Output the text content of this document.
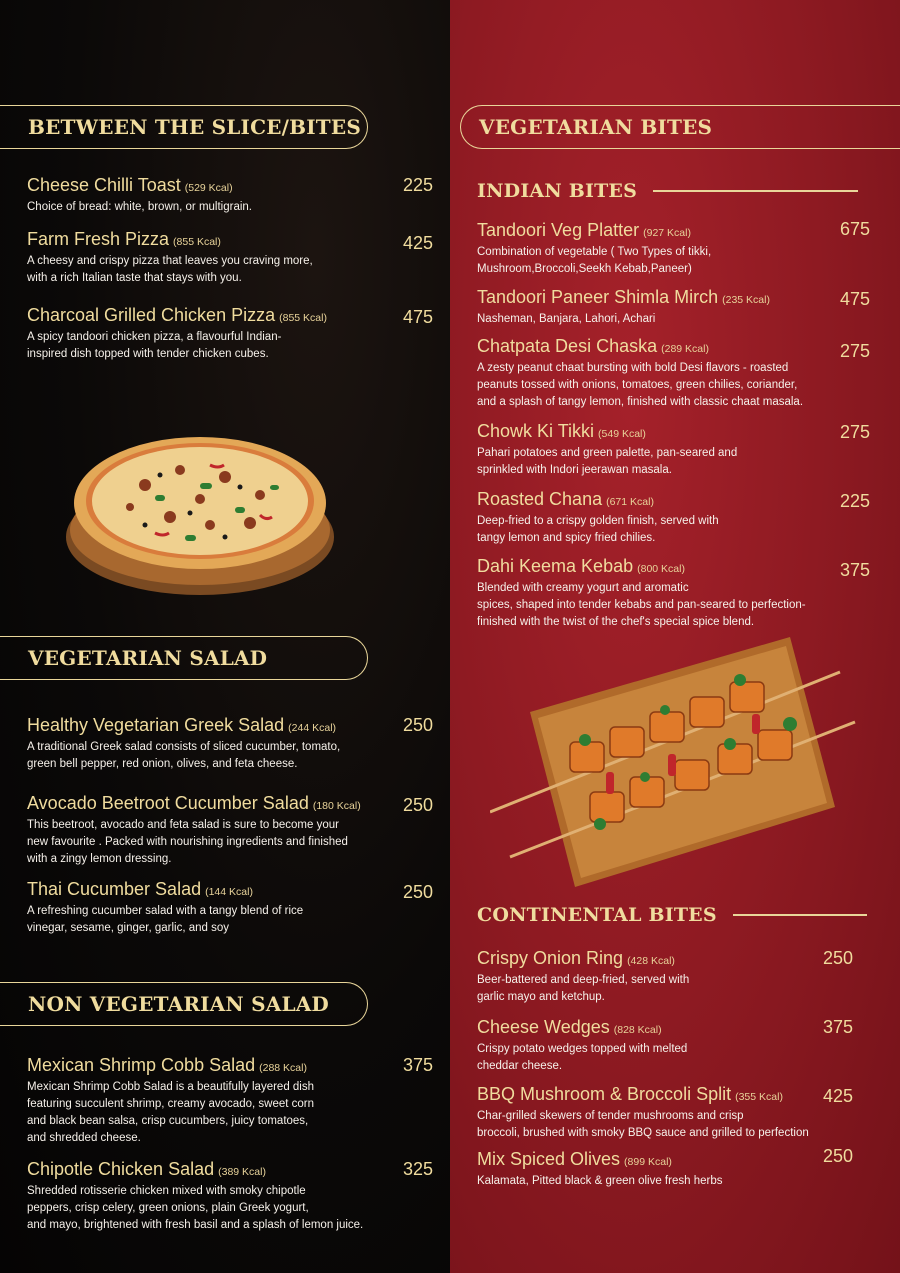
BETWEEN THE SLICE/BITES
VEGETARIAN SALAD
NON VEGETARIAN SALAD
Cheese Chilli Toast (529 Kcal)
Choice of bread: white, brown, or multigrain.
225
Farm Fresh Pizza (855 Kcal)
A cheesy and crispy pizza that leaves you craving more,
with a rich Italian taste that stays with you.
425
Charcoal Grilled Chicken Pizza (855 Kcal)
A spicy tandoori chicken pizza, a flavourful Indian-
inspired dish topped with tender chicken cubes.
475
Healthy Vegetarian Greek Salad (244 Kcal)
A traditional Greek salad consists of sliced cucumber, tomato,
green bell pepper, red onion, olives, and feta cheese.
250
Avocado Beetroot Cucumber Salad (180 Kcal)
This beetroot, avocado and feta salad is sure to become your
new favourite . Packed with nourishing ingredients and finished
with a zingy lemon dressing.
250
Thai Cucumber Salad (144 Kcal)
A refreshing cucumber salad with a tangy blend of rice
vinegar, sesame, ginger, garlic, and soy
250
Mexican Shrimp Cobb Salad (288 Kcal)
Mexican Shrimp Cobb Salad is a beautifully layered dish
featuring succulent shrimp, creamy avocado, sweet corn
and black bean salsa, crisp cucumbers, juicy tomatoes,
and shredded cheese.
375
Chipotle Chicken Salad (389 Kcal)
Shredded rotisserie chicken mixed with smoky chipotle
peppers, crisp celery, green onions, plain Greek yogurt,
and mayo, brightened with fresh basil and a splash of lemon juice.
325
VEGETARIAN BITES
INDIAN BITES
Tandoori Veg Platter (927 Kcal)
Combination of vegetable ( Two Types of tikki,
Mushroom,Broccoli,Seekh Kebab,Paneer)
675
Tandoori Paneer Shimla Mirch (235 Kcal)
Nasheman, Banjara, Lahori, Achari
475
Chatpata Desi Chaska (289 Kcal)
A zesty peanut chaat bursting with bold Desi flavors - roasted
peanuts tossed with onions, tomatoes, green chilies, coriander,
and a splash of tangy lemon, finished with classic chaat masala.
275
Chowk Ki Tikki (549 Kcal)
Pahari potatoes and green palette, pan-seared and
sprinkled with Indori jeerawan masala.
275
Roasted Chana (671 Kcal)
Deep-fried to a crispy golden finish, served with
tangy lemon and spicy fried chilies.
225
Dahi Keema Kebab (800 Kcal)
Blended with creamy yogurt and aromatic
spices, shaped into tender kebabs and pan-seared to perfection-
finished with the twist of the chef's special spice blend.
375
CONTINENTAL BITES
Crispy Onion Ring (428 Kcal)
Beer-battered and deep-fried, served with
garlic mayo and ketchup.
250
Cheese Wedges (828 Kcal)
Crispy potato wedges topped with melted
cheddar cheese.
375
BBQ Mushroom & Broccoli Split (355 Kcal)
Char-grilled skewers of tender mushrooms and crisp
broccoli, brushed with smoky BBQ sauce and grilled to perfection
425
Mix Spiced Olives (899 Kcal)
Kalamata, Pitted black & green olive fresh herbs
250
